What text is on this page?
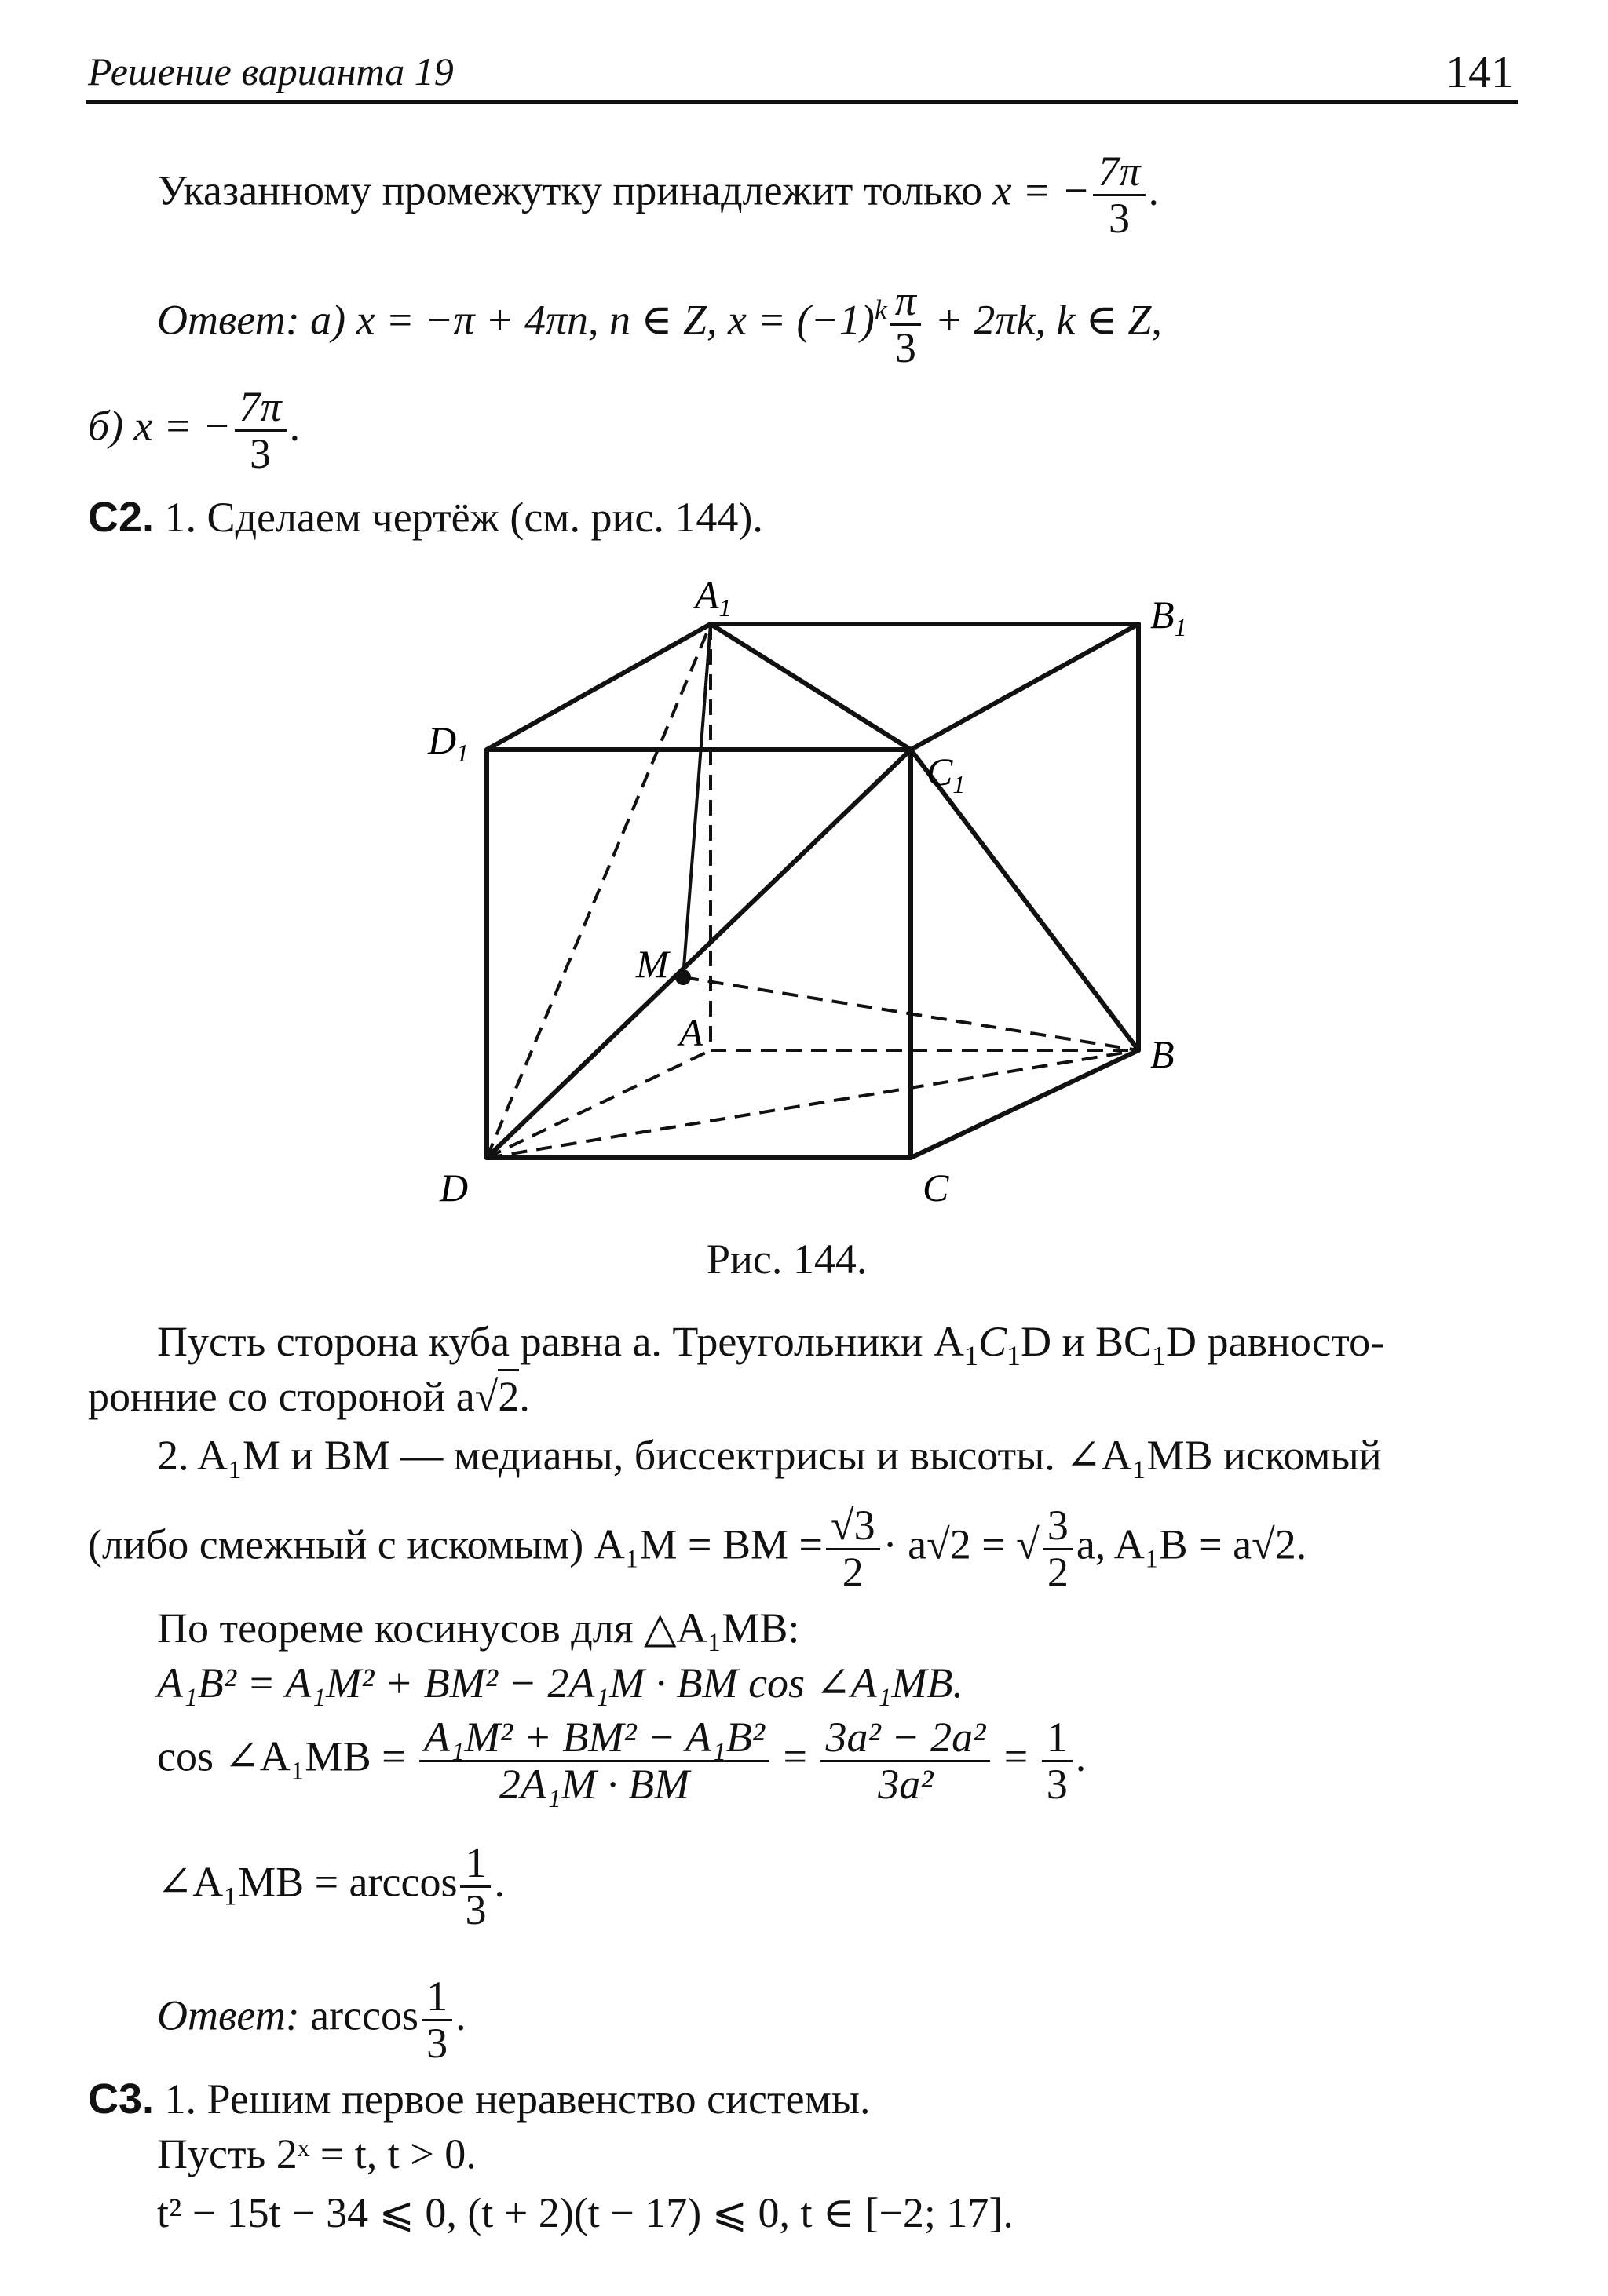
Решение варианта 19	141
Указанному промежутку принадлежит только x = − $\frac{7\pi}{3}$ .
Ответ: а) x = −π + 4πn, n ∈ Z, $x = (-1)^k \frac{\pi}{3} + 2\pi k$, k ∈ Z,
б) x = − $\frac{7\pi}{3}$ .
С2. 1. Сделаем чертёж (см. рис. 144).
$A_1$	$B_1$
$D_1$	$C_1$
M
A	B
D	C
Рис. 144.
Пусть сторона куба равна a. Треугольники $A_1C_1D$ и $BC_1D$ равносто-
ронние со стороной a√2.
2. A₁M и BM — медианы, биссектрисы и высоты. ∠A₁MB искомый
(либо смежный с искомым) A₁M = BM = $\frac{√3}{2} \cdot a√2$ = √ $\frac{3}{2} a$, A₁B = a√2.
По теореме косинусов для △A₁MB:
A₁B² = A₁M² + BM² − 2A₁M · BM cos ∠A₁MB.
cos ∠A₁MB = $\frac{\text{A₁M² + BM² − A₁B²}}{\text{2A₁M · BM}} = \frac{\text{3a² − 2a²}}{\text{3a²}} = \frac{1}{3}$ .
∠A₁MB = $\arccos \frac{1}{3}$ .
Ответ: $\arccos \frac{1}{3}$ .
С3. 1. Решим первое неравенство системы.
Пусть 2ˣ = t, t > 0.
t² − 15t − 34 ⩽ 0, (t + 2)(t − 17) ⩽ 0, t ∈ [−2; 17].
